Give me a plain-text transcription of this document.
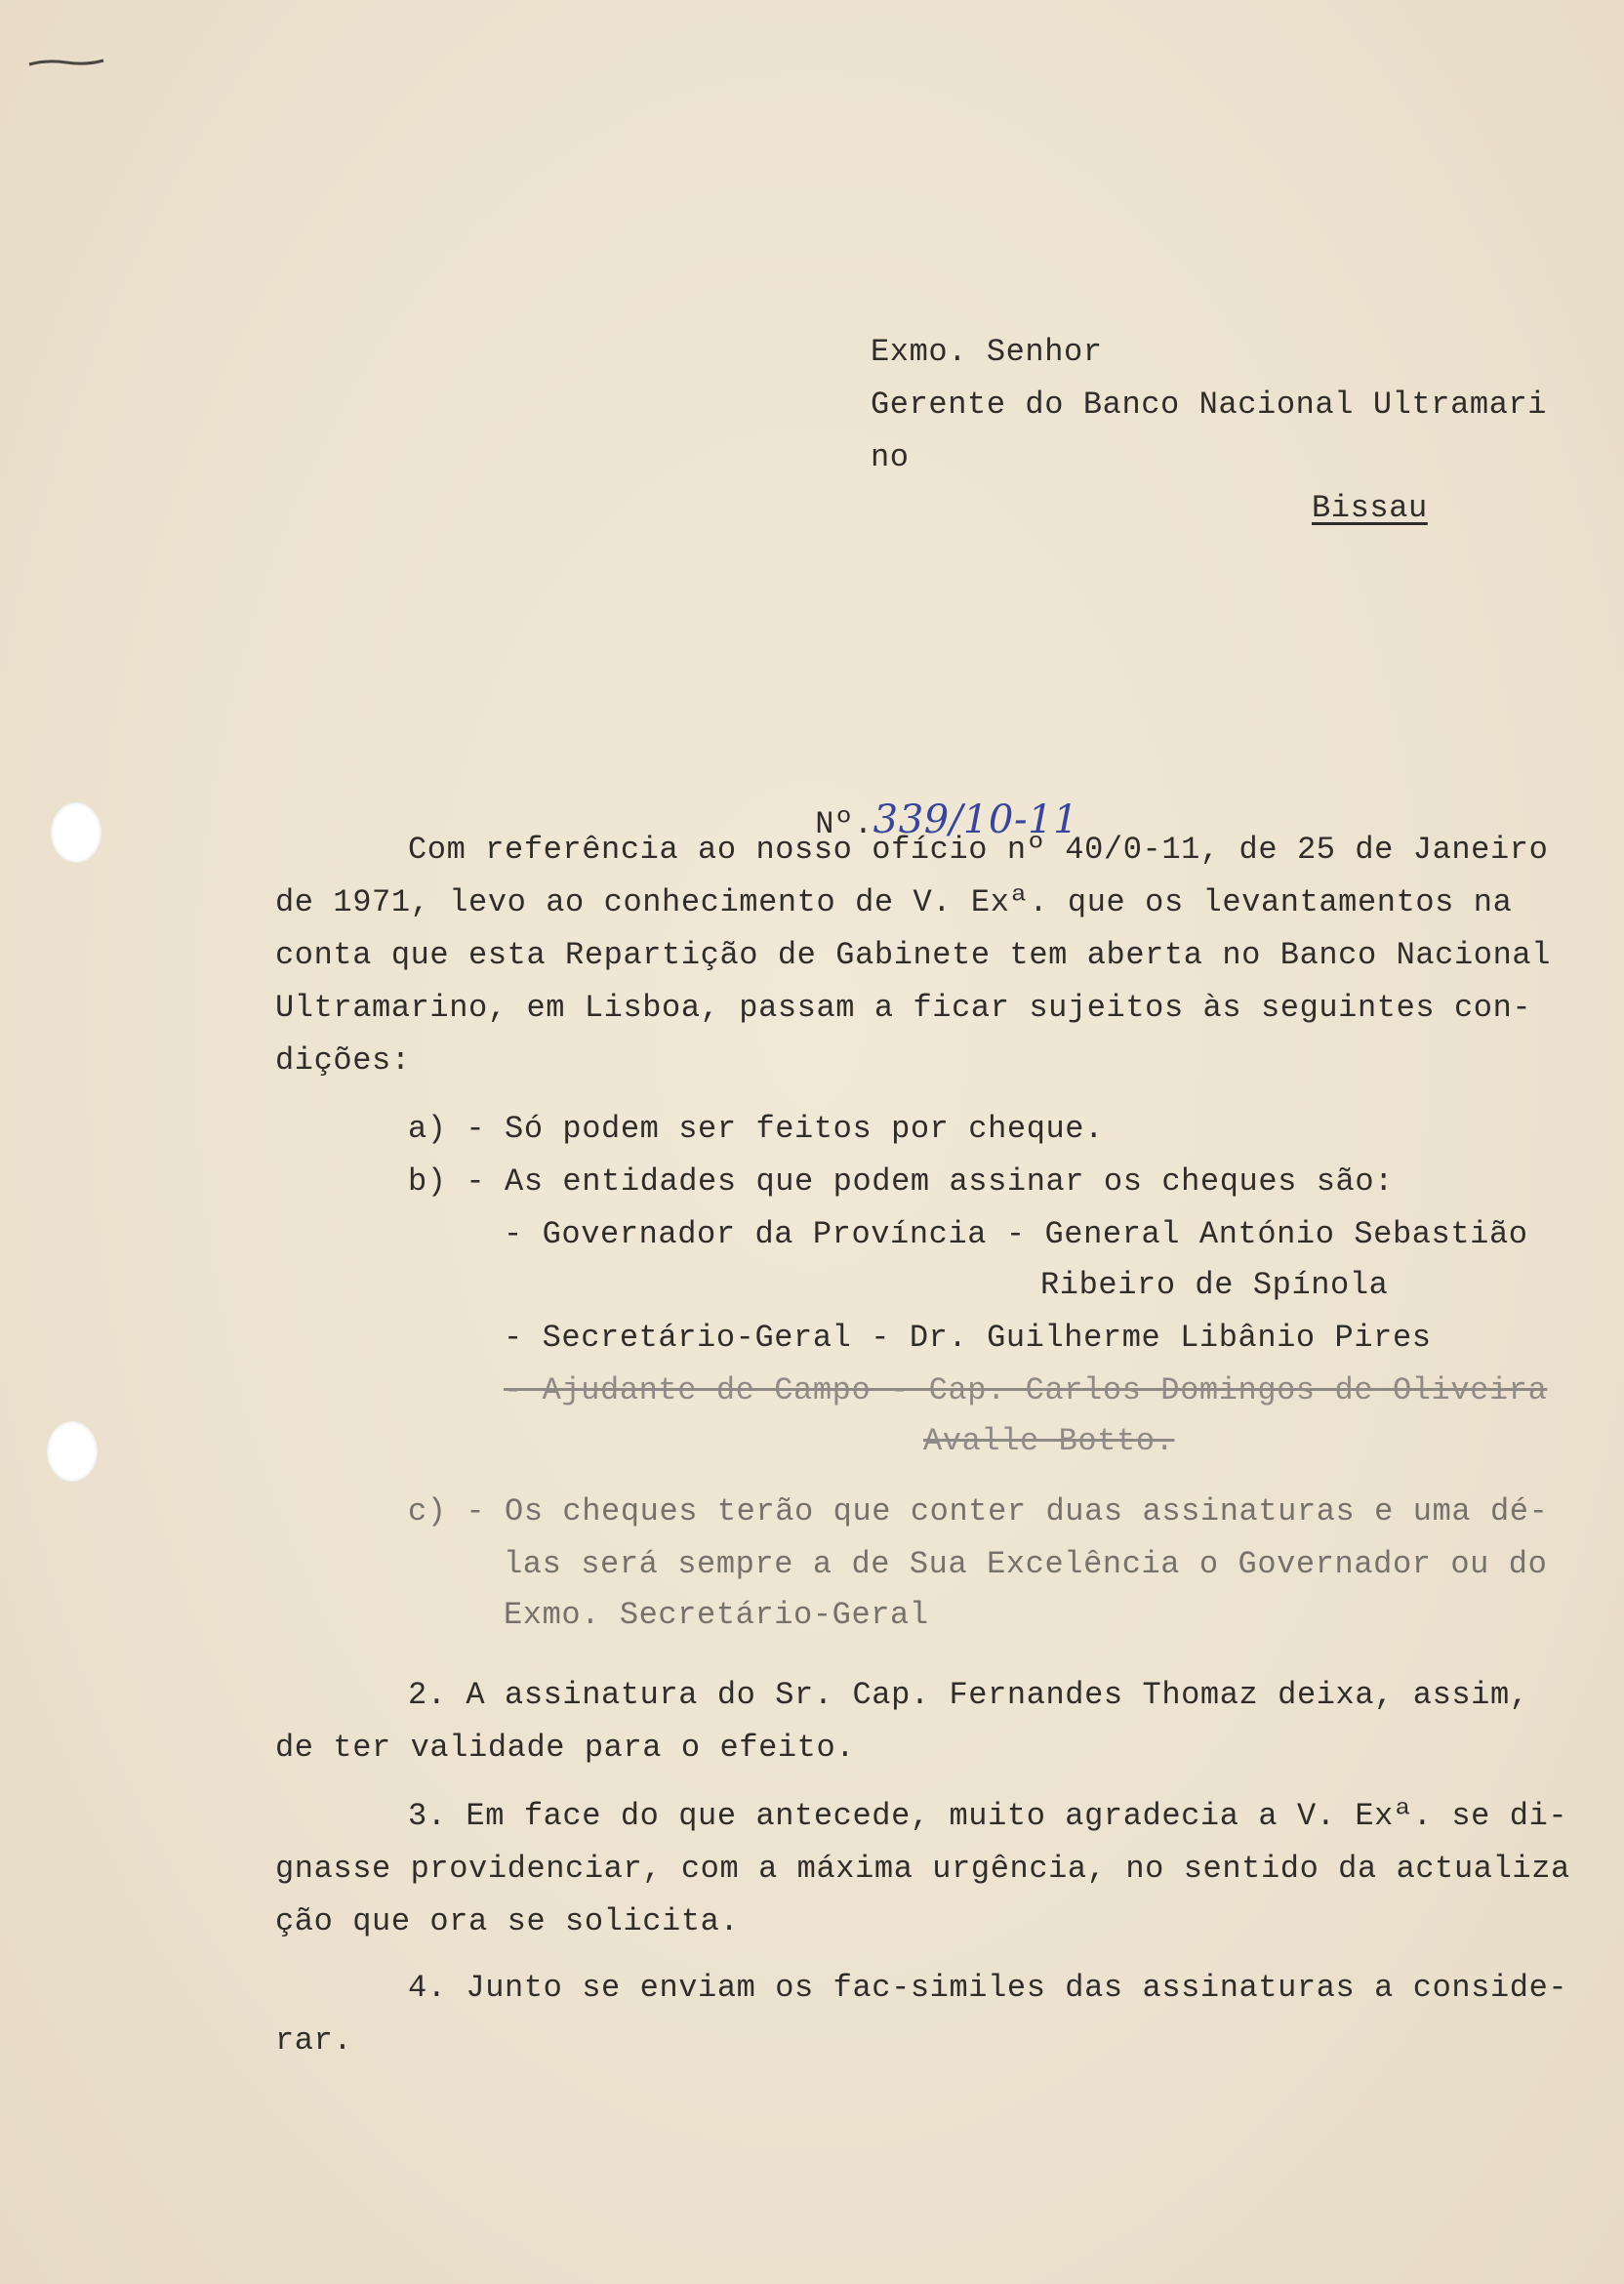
Exmo. Senhor
Gerente do Banco Nacional Ultramari
no
Bissau

Nº.339/10-11

Com referência ao nosso ofício nº 40/0-11, de 25 de Janeiro
de 1971, levo ao conhecimento de V. Exª. que os levantamentos na
conta que esta Repartição de Gabinete tem aberta no Banco Nacional
Ultramarino, em Lisboa, passam a ficar sujeitos às seguintes con-
dições:
a) - Só podem ser feitos por cheque.
b) - As entidades que podem assinar os cheques são:
- Governador da Província - General António Sebastião
Ribeiro de Spínola
- Secretário-Geral - Dr. Guilherme Libânio Pires
- Ajudante de Campo - Cap. Carlos Domingos de Oliveira
Avalle Botto.
c) - Os cheques terão que conter duas assinaturas e uma dé-
las será sempre a de Sua Excelência o Governador ou do
Exmo. Secretário-Geral
2. A assinatura do Sr. Cap. Fernandes Thomaz deixa, assim,
de ter validade para o efeito.
3. Em face do que antecede, muito agradecia a V. Exª. se di-
gnasse providenciar, com a máxima urgência, no sentido da actualiza
ção que ora se solicita.
4. Junto se enviam os fac-similes das assinaturas a conside-
rar.
